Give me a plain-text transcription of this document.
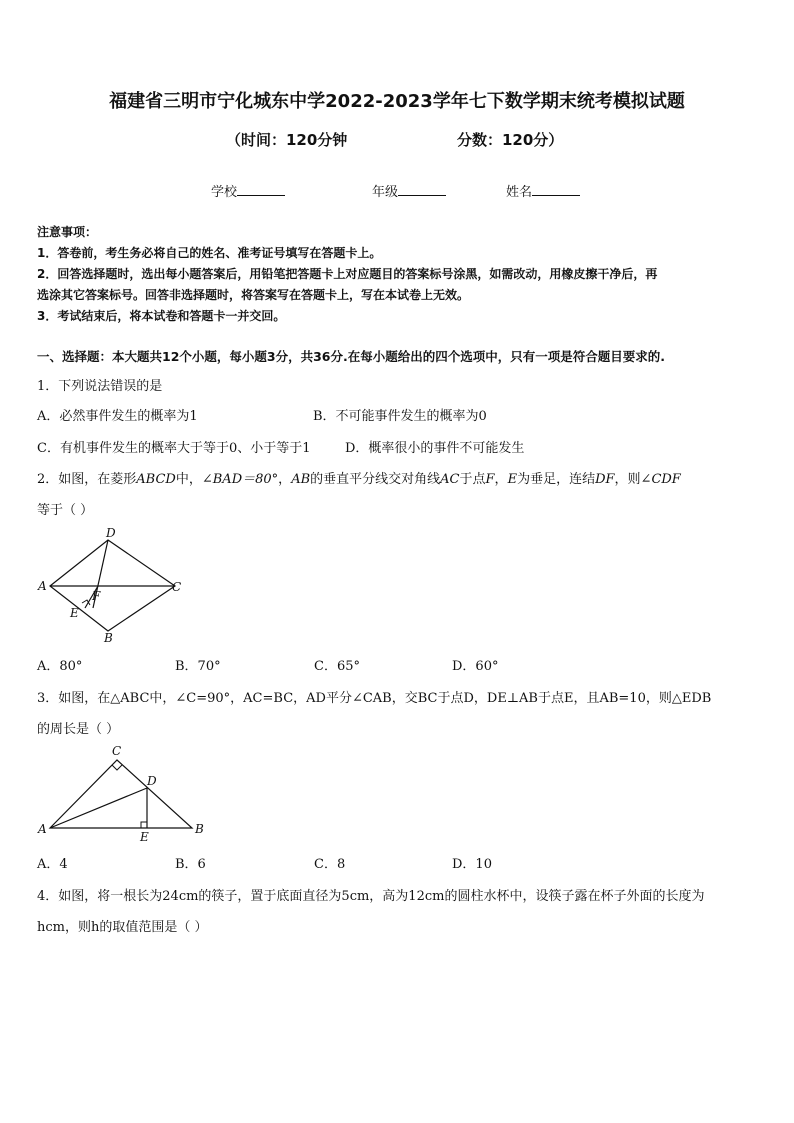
福建省三明市宁化城东中学2022-2023学年七下数学期末统考模拟试题
（时间：120分钟	分数：120分）
学校	年级	姓名
注意事项：
1．答卷前，考生务必将自己的姓名、准考证号填写在答题卡上。
2．回答选择题时，选出每小题答案后，用铅笔把答题卡上对应题目的答案标号涂黑，如需改动，用橡皮擦干净后，再
选涂其它答案标号。回答非选择题时，将答案写在答题卡上，写在本试卷上无效。
3．考试结束后，将本试卷和答题卡一并交回。
一、选择题：本大题共12个小题，每小题3分，共36分.在每小题给出的四个选项中，只有一项是符合题目要求的.
1．下列说法错误的是
A．必然事件发生的概率为1	B．不可能事件发生的概率为0
C．有机事件发生的概率大于等于0、小于等于1	D．概率很小的事件不可能发生
2．如图，在菱形ABCD中，∠BAD＝80°，AB的垂直平分线交对角线AC于点F，E为垂足，连结DF，则∠CDF
等于（ ）
D
A	C
F
E
B
A．80°	B．70°	C．65°	D．60°
3．如图，在△ABC中，∠C=90°，AC=BC，AD平分∠CAB，交BC于点D，DE⊥AB于点E，且AB=10，则△EDB
的周长是（ ）
C
D
A
E
B
A．4	B．6	C．8	D．10
4．如图，将一根长为24cm的筷子，置于底面直径为5cm，高为12cm的圆柱水杯中，设筷子露在杯子外面的长度为
hcm，则h的取值范围是（ ）
